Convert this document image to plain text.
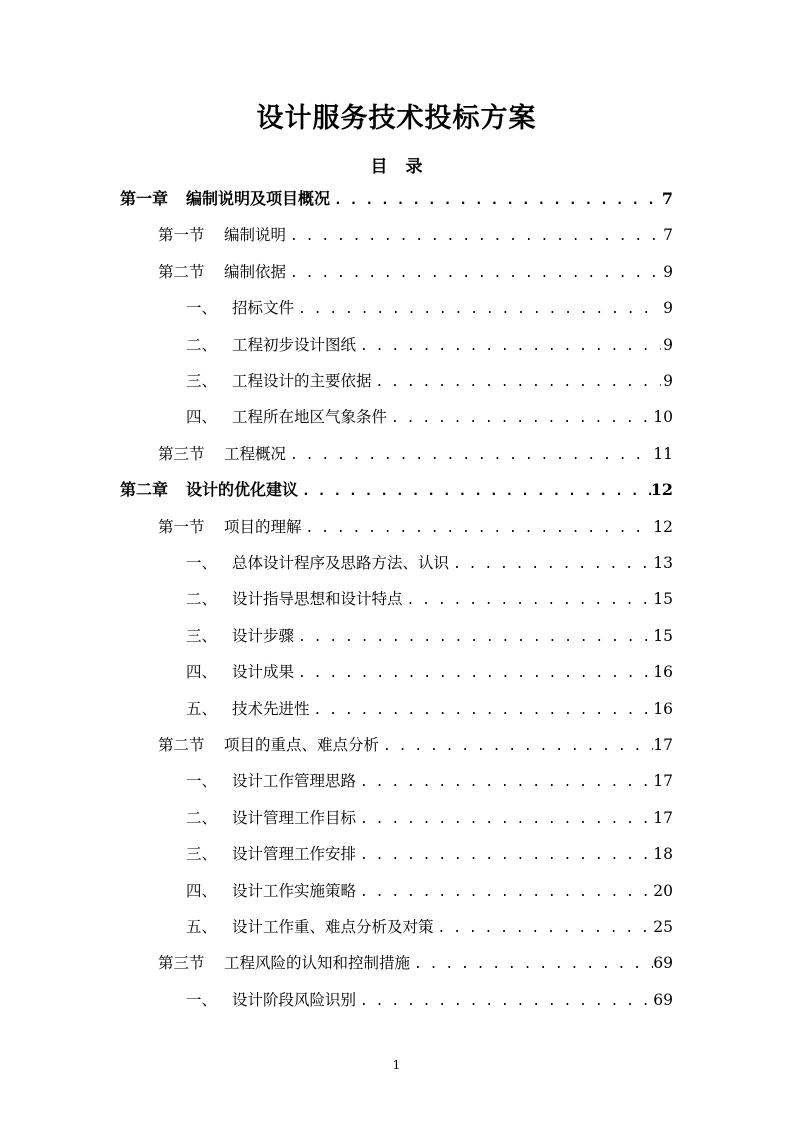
设计服务技术投标方案
目 录
第一章 编制说明及项目概况 . . .	7
第一节 编制说明 . . .	7
第二节 编制依据 . . .	9
一、 招标文件 . . .	9
二、 工程初步设计图纸 . . .	9
三、 工程设计的主要依据 . . .	9
四、 工程所在地区气象条件 . . .	10
第三节 工程概况 . . .	11
第二章 设计的优化建议 . . .	12
第一节 项目的理解 . . .	12
一、 总体设计程序及思路方法、认识 . . .	13
二、 设计指导思想和设计特点 . . .	15
三、 设计步骤 . . .	15
四、 设计成果 . . .	16
五、 技术先进性 . . .	16
第二节 项目的重点、难点分析 . . .	17
一、 设计工作管理思路 . . .	17
二、 设计管理工作目标 . . .	17
三、 设计管理工作安排 . . .	18
四、 设计工作实施策略 . . .	20
五、 设计工作重、难点分析及对策 . . .	25
第三节 工程风险的认知和控制措施 . . .	69
一、 设计阶段风险识别 . . .	69
1
